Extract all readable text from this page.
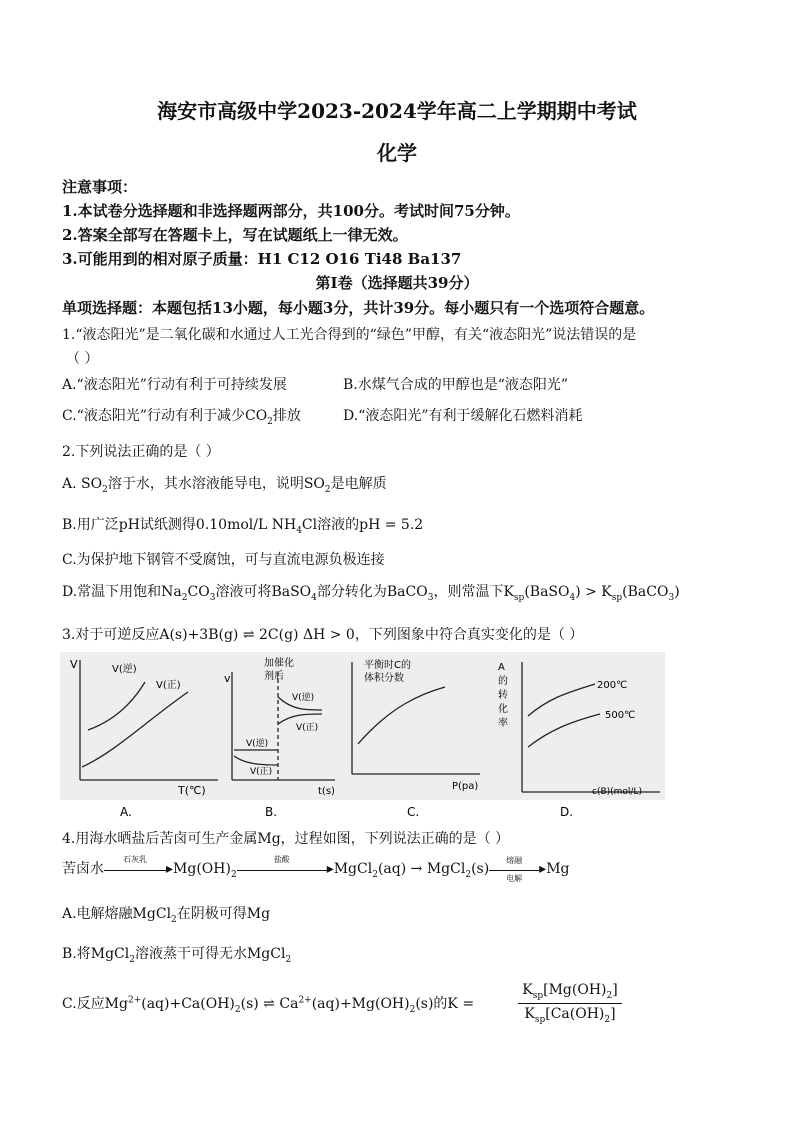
海安市高级中学2023-2024学年高二上学期期中考试
化学
注意事项：
1.本试卷分选择题和非选择题两部分，共100分。考试时间75分钟。
2.答案全部写在答题卡上，写在试题纸上一律无效。
3.可能用到的相对原子质量：H1 C12 O16 Ti48 Ba137
第Ⅰ卷（选择题共39分）
单项选择题：本题包括13小题，每小题3分，共计39分。每小题只有一个选项符合题意。
1.“液态阳光”是二氧化碳和水通过人工光合得到的“绿色”甲醇，有关“液态阳光”说法错误的是
（ ）
A.“液态阳光”行动有利于可持续发展	B.水煤气合成的甲醇也是“液态阳光”
C.“液态阳光”行动有利于减少$CO_2$排放	D.“液态阳光”有利于缓解化石燃料消耗
2.下列说法正确的是（ ）
A. $SO_2$溶于水，其水溶液能导电，说明$SO_2$是电解质
B.用广泛pH试纸测得0.10mol/L $NH_4Cl$溶液的pH = 5.2
C.为保护地下钢管不受腐蚀，可与直流电源负极连接
D.常温下用饱和$Na_2CO_3$溶液可将BaSO$_4$部分转化为BaCO$_3$，则常温下$K_{sp}(BaSO_4)$ > $K_{sp}(BaCO_3)$
3.对于可逆反应A(s)+3B(g) ⇌ 2C(g) ΔH > 0，下列图象中符合真实变化的是（ ）
V	V(逆)
V(正)
T(℃)
A.
加催化
剂后
V(逆)
V(正)
V(逆)
V(正)
v
t(s)
B.
平衡时C的
体积分数
P(pa)
C.
A
的
转
化
率
200℃
500℃
c(B)(mol/L)
D.
4.用海水晒盐后苦卤可生产金属Mg，过程如图，下列说法正确的是（ ）
苦卤水
石灰乳
$▸Mg(OH)_2$
盐酸
▸MgCl$_2$(aq) → MgCl$_2$(s)
熔融
电解
▸Mg
A.电解熔融MgCl$_2$在阴极可得Mg
B.将MgCl$_2$溶液蒸干可得无水MgCl$_2$
C.反应$Mg^{2+}(aq)+Ca(OH)_2(s)$ ⇌ $Ca^{2+}(aq)+Mg(OH)_2(s)$的K =
$K_{sp}[Mg(OH)_2]$
$K_{sp}[Ca(OH)_2]$
